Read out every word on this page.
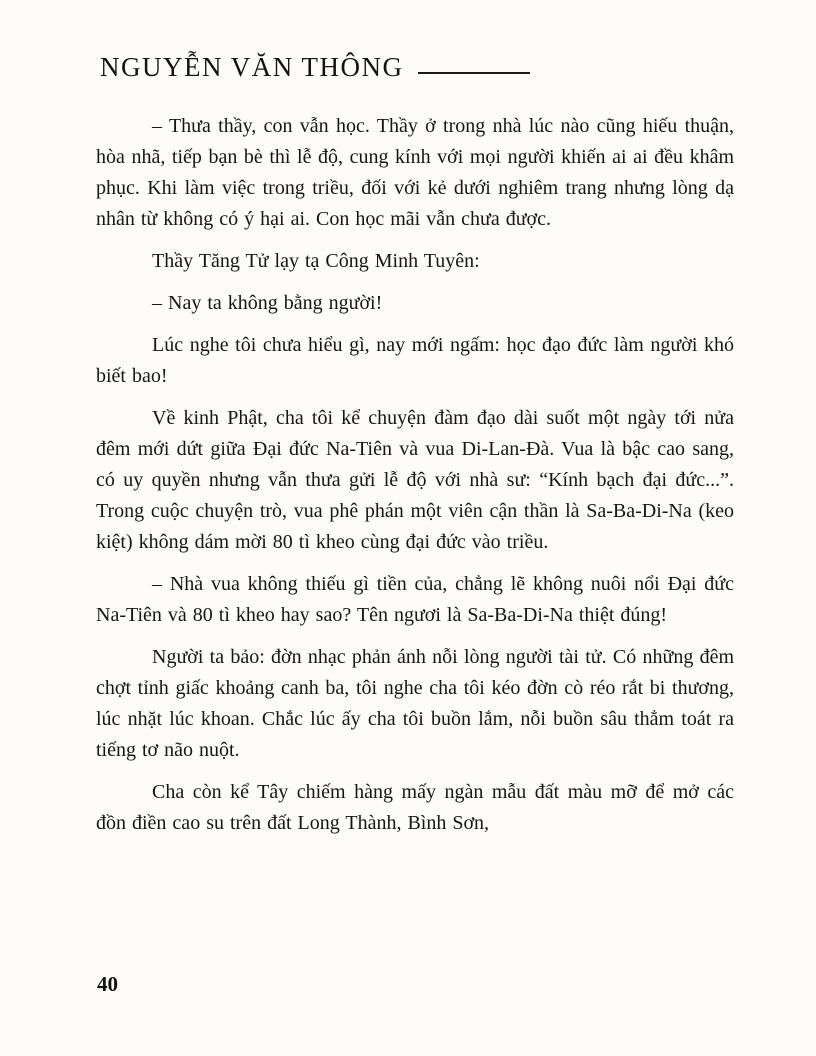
NGUYỄN VĂN THÔNG

– Thưa thầy, con vẫn học. Thầy ở trong nhà lúc nào cũng hiếu thuận, hòa nhã, tiếp bạn bè thì lễ độ, cung kính với mọi người khiến ai ai đều khâm phục. Khi làm việc trong triều, đối với kẻ dưới nghiêm trang nhưng lòng dạ nhân từ không có ý hại ai. Con học mãi vẫn chưa được.

Thầy Tăng Tử lạy tạ Công Minh Tuyên:

– Nay ta không bằng người!

Lúc nghe tôi chưa hiểu gì, nay mới ngấm: học đạo đức làm người khó biết bao!

Về kinh Phật, cha tôi kể chuyện đàm đạo dài suốt một ngày tới nửa đêm mới dứt giữa Đại đức Na-Tiên và vua Di-Lan-Đà. Vua là bậc cao sang, có uy quyền nhưng vẫn thưa gửi lễ độ với nhà sư: “Kính bạch đại đức...”. Trong cuộc chuyện trò, vua phê phán một viên cận thần là Sa-Ba-Di-Na (keo kiệt) không dám mời 80 tì kheo cùng đại đức vào triều.

– Nhà vua không thiếu gì tiền của, chẳng lẽ không nuôi nổi Đại đức Na-Tiên và 80 tì kheo hay sao? Tên ngươi là Sa-Ba-Di-Na thiệt đúng!

Người ta bảo: đờn nhạc phản ánh nỗi lòng người tài tử. Có những đêm chợt tỉnh giấc khoảng canh ba, tôi nghe cha tôi kéo đờn cò réo rắt bi thương, lúc nhặt lúc khoan. Chắc lúc ấy cha tôi buồn lắm, nỗi buồn sâu thẳm toát ra tiếng tơ não nuột.

Cha còn kể Tây chiếm hàng mấy ngàn mẫu đất màu mỡ để mở các đồn điền cao su trên đất Long Thành, Bình Sơn,

40
